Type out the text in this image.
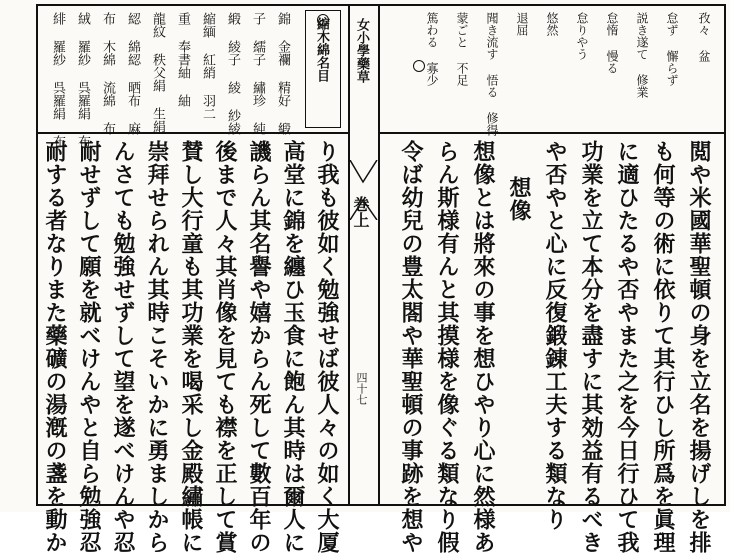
女小學藥草
巻上
四十七
縮木綿名目
錦 金襴 精好 緞
子 繻子 繡珍 純
緞 綾子 綾 紗綾
縮緬 紅綃 羽二
重 奉書紬 紬
龍紋 秩父絹 生絹
綛 綿綛 晒布 麻
布 木綿 流綿 布
絨 羅紗 呉羅絹 布
緋 羅紗 呉羅絹 布	孜々 盆
怠ず 懈らず
説き遂て 修業
怠惰 慢る
怠りやう
悠然
退屈
聞き流す 悟る 修得
蒙ごと 不足
篤わる 寡少
閲や米國華聖頓の身を立名を揚げしを排
も何等の術に依りて其行ひし所爲を眞理
に適ひたるや否やまた之を今日行ひて我
功業を立て本分を盡すに其効益有るべき
や否やと心に反復鍛錬工夫する類なり
想像
想像とは將來の事を想ひやり心に然様あ
らん斯様有んと其摸様を像ぐる類なり假
令ば幼兒の豊太閤や華聖頓の事跡を想や
り我も彼如く勉強せば彼人々の如く大厦
高堂に錦を纏ひ玉食に飽ん其時は爾人に
譏らん其名譽や嬉からん死して數百年の
後まで人々其肖像を見ても襟を正して賞
賛し大行童も其功業を喝采し金殿繡帳に
崇拜せられん其時こそいかに勇ましから
んさても勉強せずして望を遂べけんや忍
耐せずして願を就べけんやと自ら勉強忍
耐する者なりまた藥礦の湯漑の盞を動か
